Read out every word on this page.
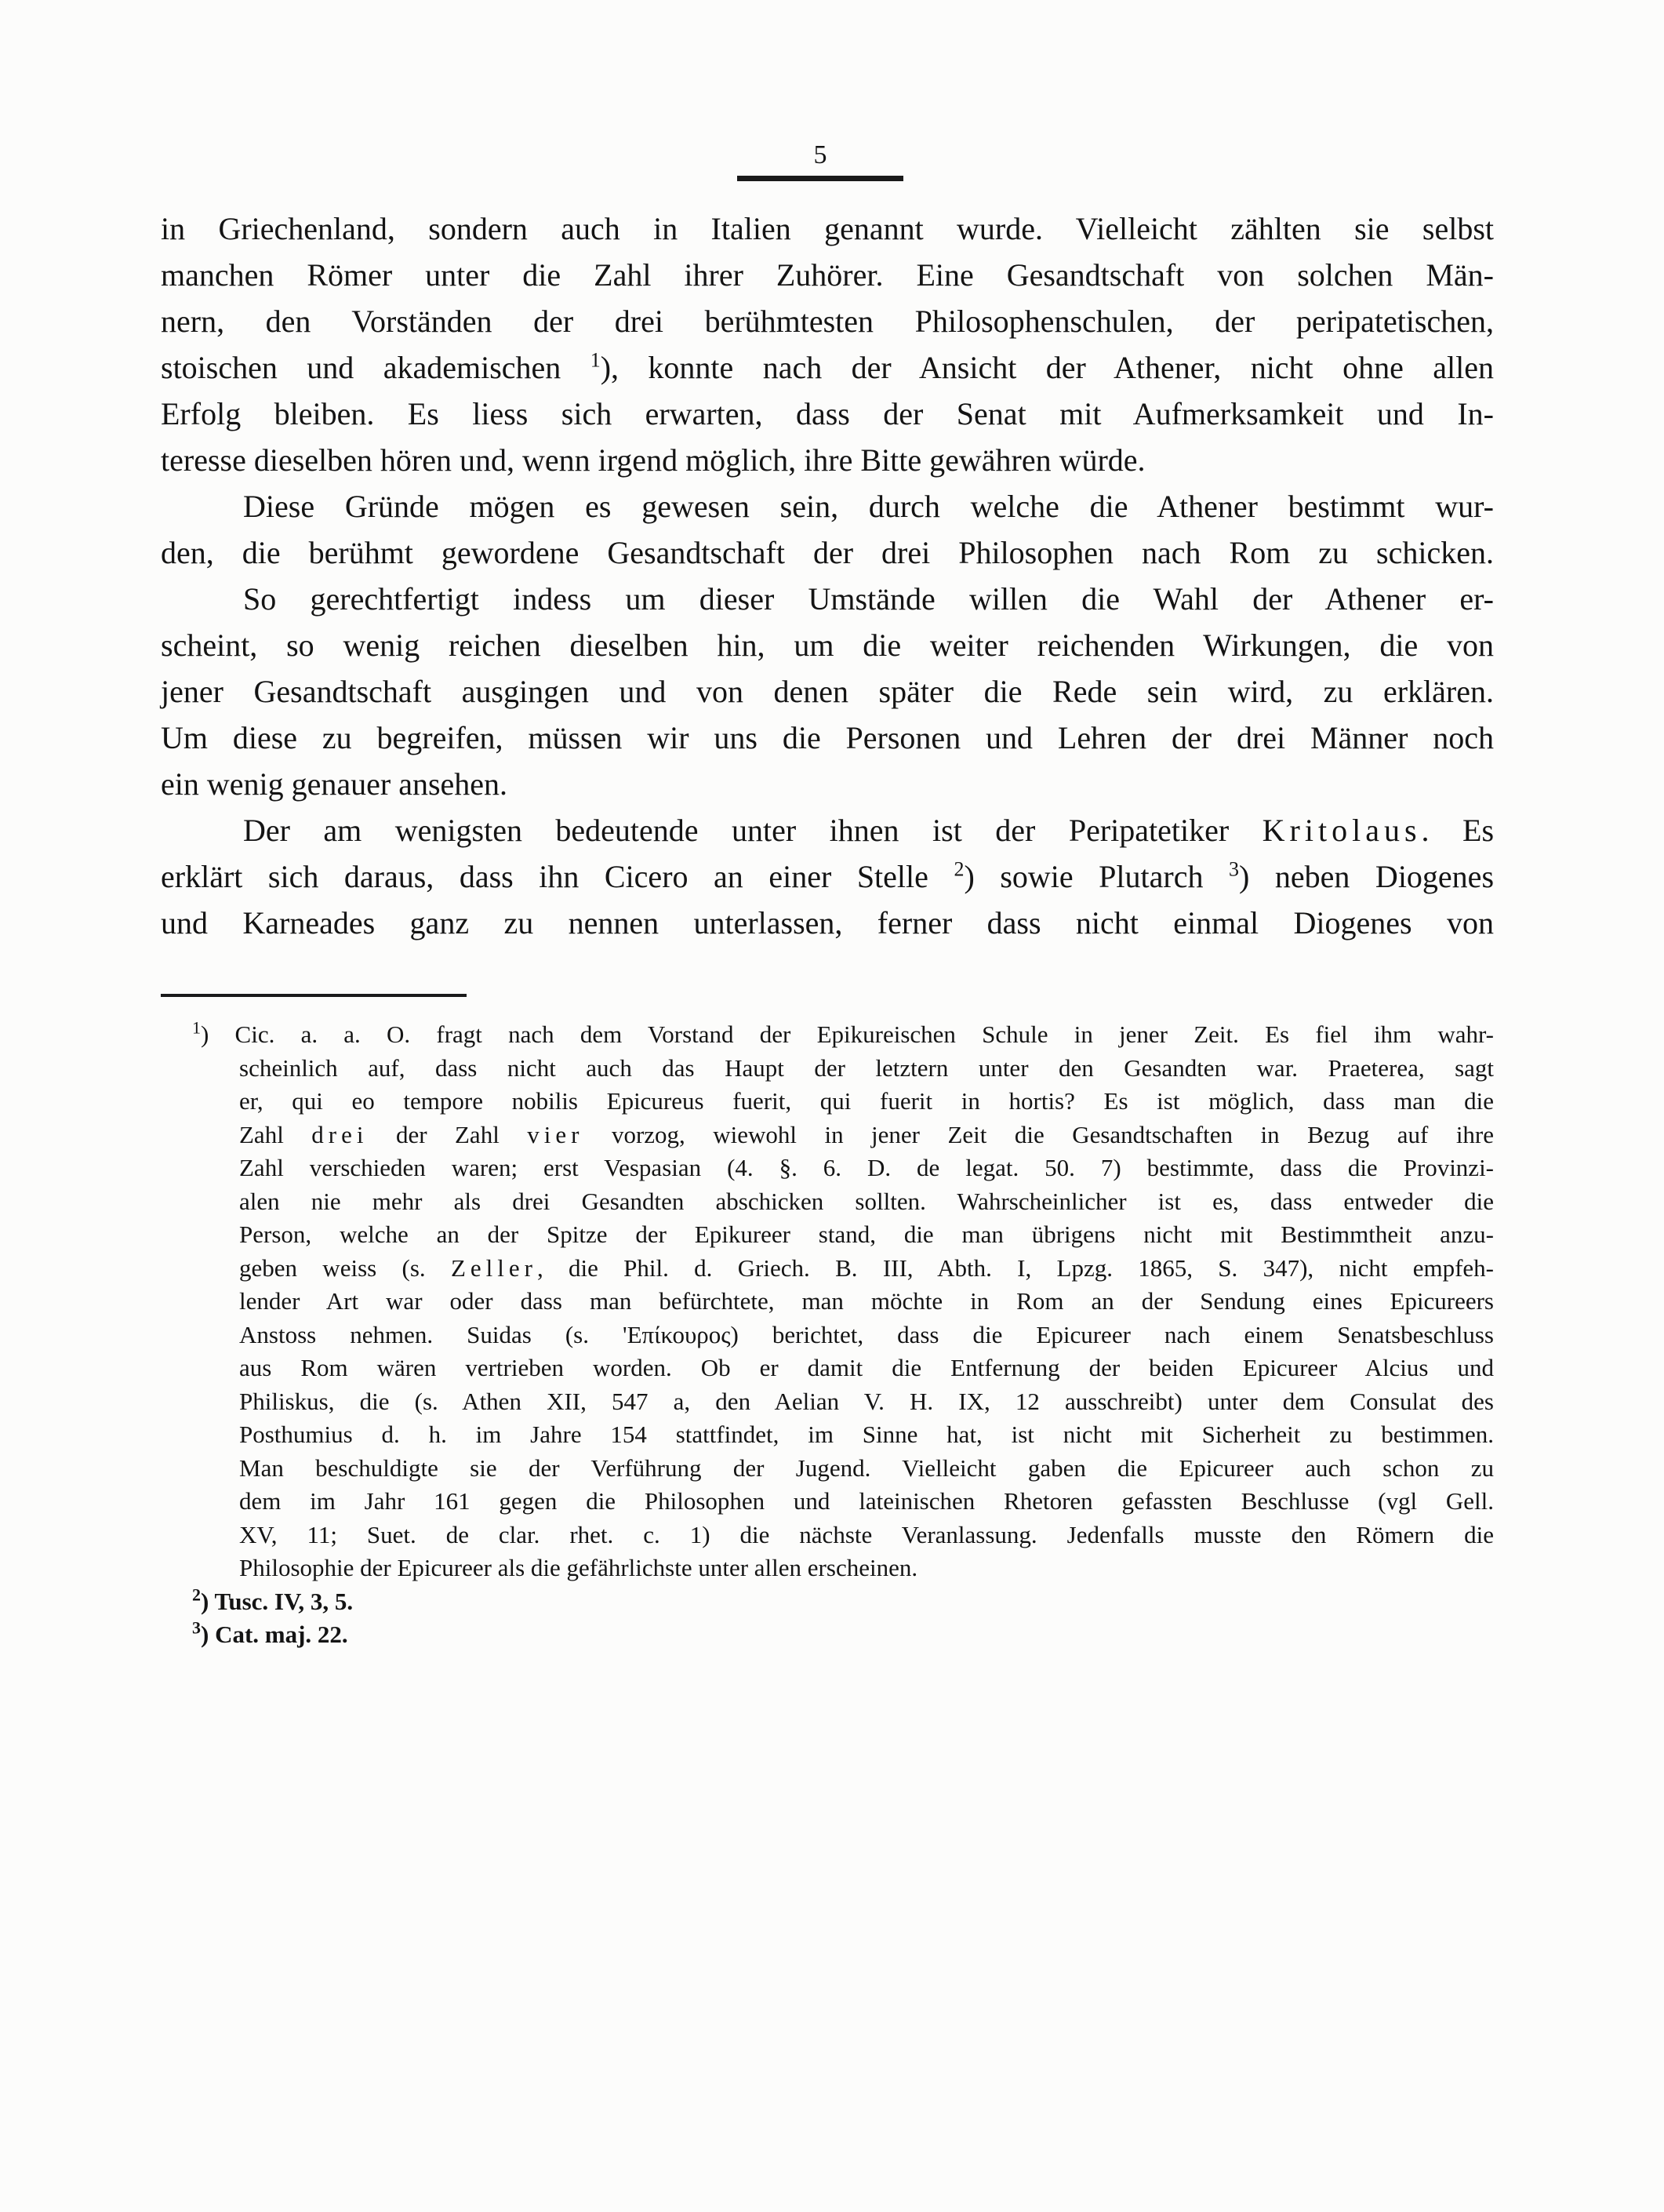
5
in Griechenland, sondern auch in Italien genannt wurde. Vielleicht zählten sie selbst
manchen Römer unter die Zahl ihrer Zuhörer. Eine Gesandtschaft von solchen Män-
nern, den Vorständen der drei berühmtesten Philosophenschulen, der peripatetischen,
stoischen und akademischen $^1$), konnte nach der Ansicht der Athener, nicht ohne allen
Erfolg bleiben. Es liess sich erwarten, dass der Senat mit Aufmerksamkeit und In-
teresse dieselben hören und, wenn irgend möglich, ihre Bitte gewähren würde.
Diese Gründe mögen es gewesen sein, durch welche die Athener bestimmt wur-
den, die berühmt gewordene Gesandtschaft der drei Philosophen nach Rom zu schicken.
So gerechtfertigt indess um dieser Umstände willen die Wahl der Athener er-
scheint, so wenig reichen dieselben hin, um die weiter reichenden Wirkungen, die von
jener Gesandtschaft ausgingen und von denen später die Rede sein wird, zu erklären.
Um diese zu begreifen, müssen wir uns die Personen und Lehren der drei Männer noch
ein wenig genauer ansehen.
Der am wenigsten bedeutende unter ihnen ist der Peripatetiker Kritolaus. Es
erklärt sich daraus, dass ihn Cicero an einer Stelle $^2$) sowie Plutarch $^3$) neben Diogenes
und Karneades ganz zu nennen unterlassen, ferner dass nicht einmal Diogenes von
$^1$) Cic. a. a. O. fragt nach dem Vorstand der Epikureischen Schule in jener Zeit. Es fiel ihm wahr-
scheinlich auf, dass nicht auch das Haupt der letztern unter den Gesandten war. Praeterea, sagt
er, qui eo tempore nobilis Epicureus fuerit, qui fuerit in hortis? Es ist möglich, dass man die
Zahl drei der Zahl vier vorzog, wiewohl in jener Zeit die Gesandtschaften in Bezug auf ihre
Zahl verschieden waren; erst Vespasian (4. §. 6. D. de legat. 50. 7) bestimmte, dass die Provinzi-
alen nie mehr als drei Gesandten abschicken sollten. Wahrscheinlicher ist es, dass entweder die
Person, welche an der Spitze der Epikureer stand, die man übrigens nicht mit Bestimmtheit anzu-
geben weiss (s. Zeller, die Phil. d. Griech. B. III, Abth. I, Lpzg. 1865, S. 347), nicht empfeh-
lender Art war oder dass man befürchtete, man möchte in Rom an der Sendung eines Epicureers
Anstoss nehmen. Suidas (s. 'Επίκουρος) berichtet, dass die Epicureer nach einem Senatsbeschluss
aus Rom wären vertrieben worden. Ob er damit die Entfernung der beiden Epicureer Alcius und
Philiskus, die (s. Athen XII, 547 a, den Aelian V. H. IX, 12 ausschreibt) unter dem Consulat des
Posthumius d. h. im Jahre 154 stattfindet, im Sinne hat, ist nicht mit Sicherheit zu bestimmen.
Man beschuldigte sie der Verführung der Jugend. Vielleicht gaben die Epicureer auch schon zu
dem im Jahr 161 gegen die Philosophen und lateinischen Rhetoren gefassten Beschlusse (vgl Gell.
XV, 11; Suet. de clar. rhet. c. 1) die nächste Veranlassung. Jedenfalls musste den Römern die
Philosophie der Epicureer als die gefährlichste unter allen erscheinen.
$^2$) Tusc. IV, 3, 5.
$^3$) Cat. maj. 22.
